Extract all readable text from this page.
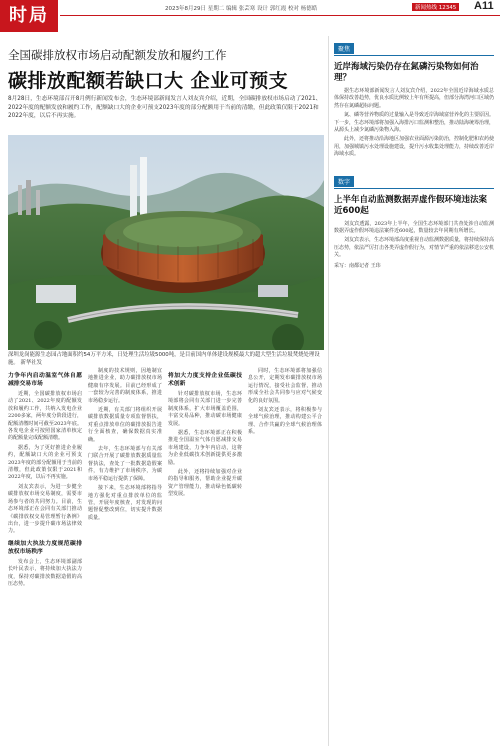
时局	2023年8月29日 星期二 编辑 张芸寒 设计 郭红霞 校对 杨德皓	新闻热线 12345 A11
全国碳排放权市场启动配额发放和履约工作
碳排放配额若缺口大 企业可预支
8月28日，生态环境部召开8月例行新闻发布会，生态环境部新闻发言人刘友宾介绍，近期，全国碳排放权市场启动了2021、2022年度的配额发放和履约工作，配额缺口大的企业可预支2023年度的部分配额用于当前的清缴，但此政策仅限于2021和2022年度，以后不再实施。
深圳龙岗能源生态园占地面积约54万平方米，日处理生活垃圾5000吨，是目前国内单体建设规模最大的超大型生活垃圾焚烧处理设施。 新华社发
力争年内启动温室气体自愿减排交易市场

近期，全国碳排放权市场启动了2021、2022年度的配额发放和履约工作，共纳入发电企业2200多家，两年度分阶段进行，配额清缴时间可截至2023年底。各发电企业可按照国家清单核定的配额量完成配额清缴。

据悉，为了更好推进企业履约，配额缺口大的企业可预支2023年度的部分配额用于当前的清缴，但此政策仅限于2021和2022年度，以后不再实施。

刘友宾表示，为进一步健全碳排放权市场交易制度，需要市场参与者的共同努力。目前，生态环境部正在会同有关部门推动《碳排放权交易管理暂行条例》出台，进一步提升碳市场法律效力。

继续加大执法力度规范碳排放权市场秩序

发布会上，生态环境部副部长叶民表示，将持续加大执法力度，保持对碳排放数据造假的高压态势。

制度的技术规则，因地制宜地推进企业，助力碳排放权市场健康有序发展。目前已经形成了一套较为完善的制度体系，推进市场稳步运行。

近期，有关部门将组织开展碳排放数据质量专项监督帮扶，对重点排放单位的碳排放报告进行全面核查，确保数据真实准确。

去年，生态环境部与有关部门联合开展了碳排放数据质量监督执法，查处了一批数据造假案件，有力维护了市场秩序，为碳市场平稳运行提供了保障。

接下来，生态环境部将指导地方强化对重点排放单位的监管，开展年度核查，对发现的问题督促整改到位，切实提升数据质量。

将加大力度支持企业低碳技术创新

针对碳排放权市场，生态环境部将会同有关部门进一步完善制度体系，扩大市场覆盖范围，丰富交易品种，推动碳市场健康发展。

据悉，生态环境部正在积极推进全国温室气体自愿减排交易市场建设，力争年内启动，这将为企业低碳技术创新提供更多激励。

此外，还将持续加强对企业的指导和服务，帮助企业提升碳资产管理能力，推动绿色低碳转型发展。

同时，生态环境部将加强信息公开，定期发布碳排放权市场运行情况，接受社会监督，推动形成全社会共同参与应对气候变化的良好氛围。

刘友宾还表示，将积极参与全球气候治理，推动构建公平合理、合作共赢的全球气候治理体系。

聚焦
近岸海域污染仍存在氮磷污染物如何治理？

据生态环境部新闻发言人刘友宾介绍，2022年全国近岸海域水质总体保持改善趋势，优良水质比例较上年有所提高，但部分海湾河口区域仍然存在氮磷超标问题。

氮、磷等营养物质的过量输入是导致近岸海域富营养化的主要原因。下一步，生态环境部将加强入海排污口监测和整治，推动陆海统筹治理，从源头上减少氮磷污染物入海。

此外，还将推动沿海地区加强农业面源污染防治，控制化肥和农药使用，加强城镇污水处理设施建设，提升污水收集处理能力，持续改善近岸海域水质。

数字
上半年自动监测数据弄虚作假环境违法案近600起

刘友宾透露，2023年上半年，全国生态环境部门共查处涉自动监测数据弄虚作假环境违法案件近600起，数量较去年同期有所增长。

刘友宾表示，生态环境部高度重视自动监测数据质量，将持续保持高压态势，依法严厉打击各类弄虚作假行为，对情节严重的依法移送公安机关。

采写：南都记者 王玮
